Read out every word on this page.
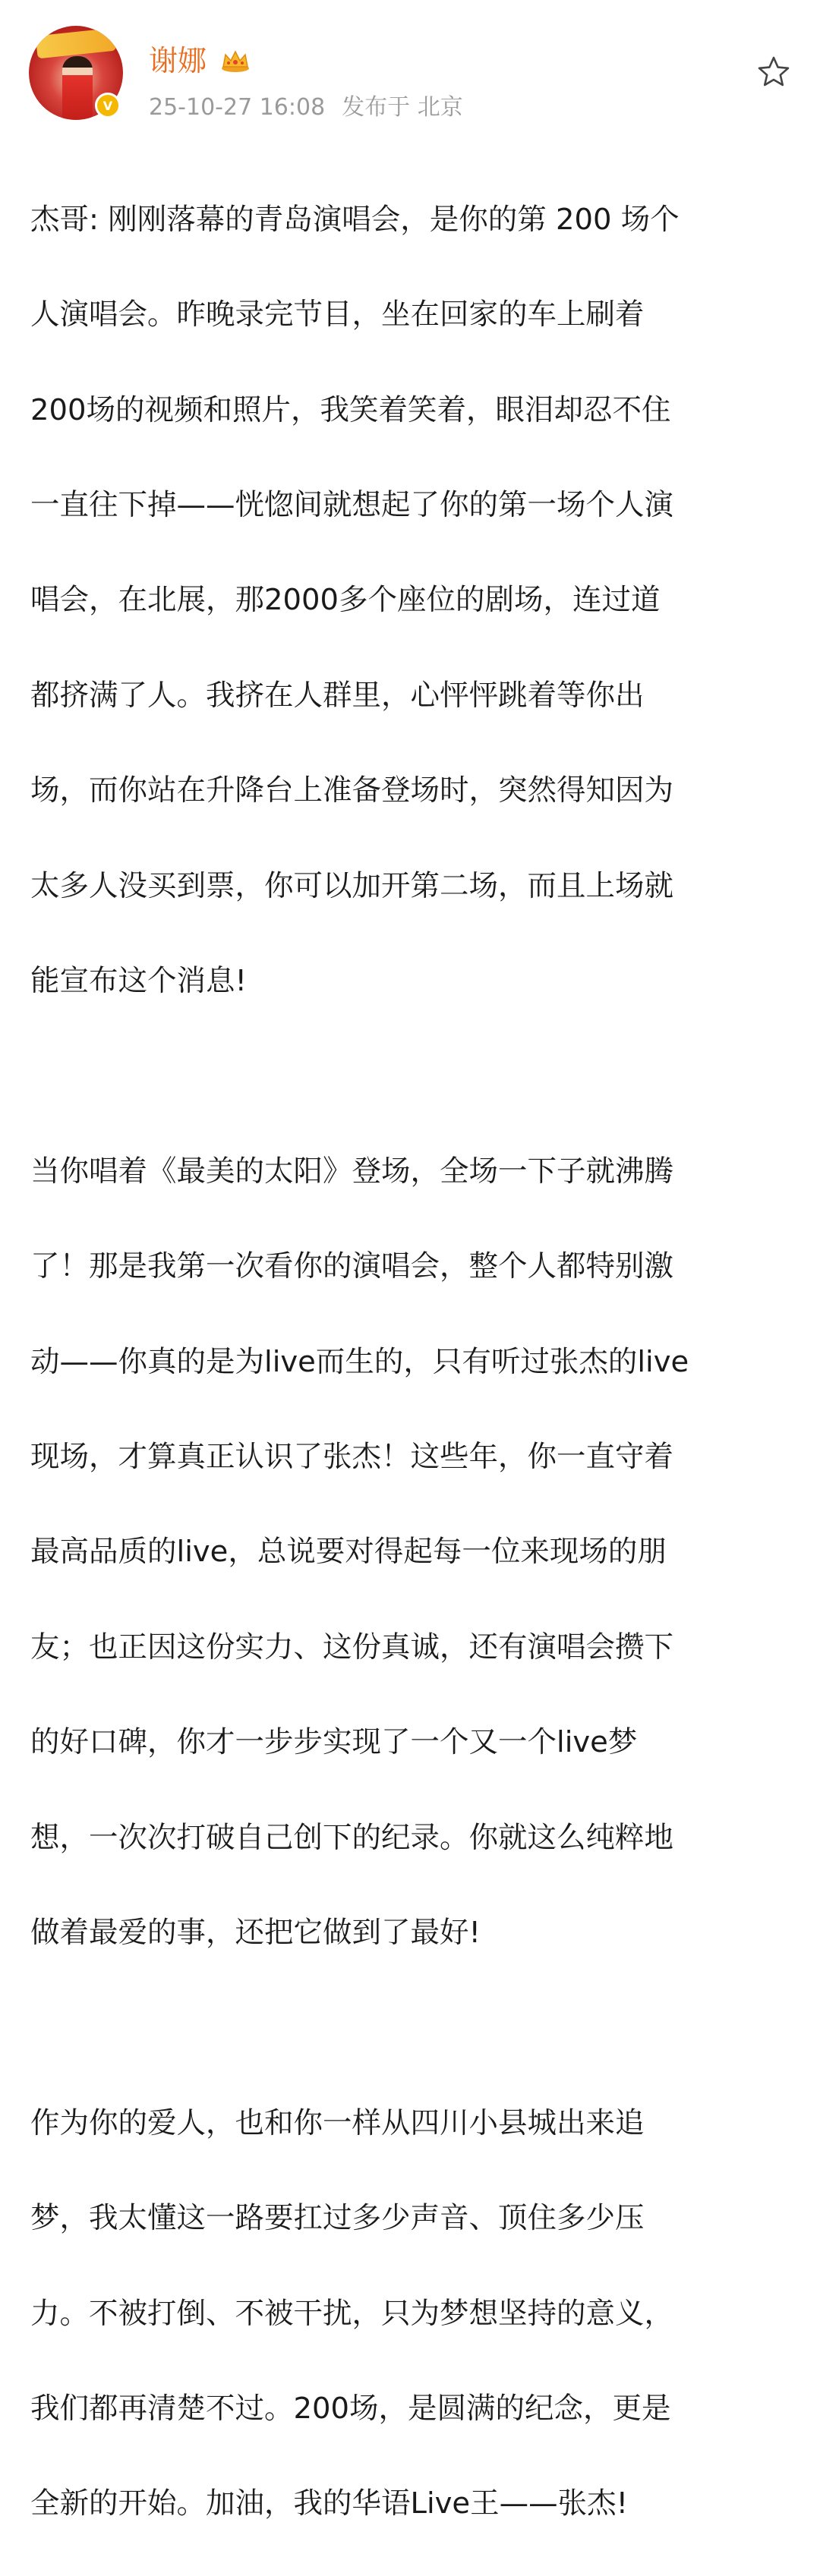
V
谢娜
25-10-27 16:08 发布于 北京

杰哥: 刚刚落幕的青岛演唱会，是你的第 200 场个

人演唱会。昨晚录完节目，坐在回家的车上刷着

200场的视频和照片，我笑着笑着，眼泪却忍不住

一直往下掉——恍惚间就想起了你的第一场个人演

唱会，在北展，那2000多个座位的剧场，连过道

都挤满了人。我挤在人群里，心怦怦跳着等你出

场，而你站在升降台上准备登场时，突然得知因为

太多人没买到票，你可以加开第二场，而且上场就

能宣布这个消息!

当你唱着《最美的太阳》登场，全场一下子就沸腾

了！那是我第一次看你的演唱会，整个人都特别激

动——你真的是为live而生的，只有听过张杰的live

现场，才算真正认识了张杰！这些年，你一直守着

最高品质的live，总说要对得起每一位来现场的朋

友；也正因这份实力、这份真诚，还有演唱会攒下

的好口碑，你才一步步实现了一个又一个live梦

想，一次次打破自己创下的纪录。你就这么纯粹地

做着最爱的事，还把它做到了最好!

作为你的爱人，也和你一样从四川小县城出来追

梦，我太懂这一路要扛过多少声音、顶住多少压

力。不被打倒、不被干扰，只为梦想坚持的意义，

我们都再清楚不过。200场，是圆满的纪念，更是

全新的开始。加油，我的华语Live王——张杰!
